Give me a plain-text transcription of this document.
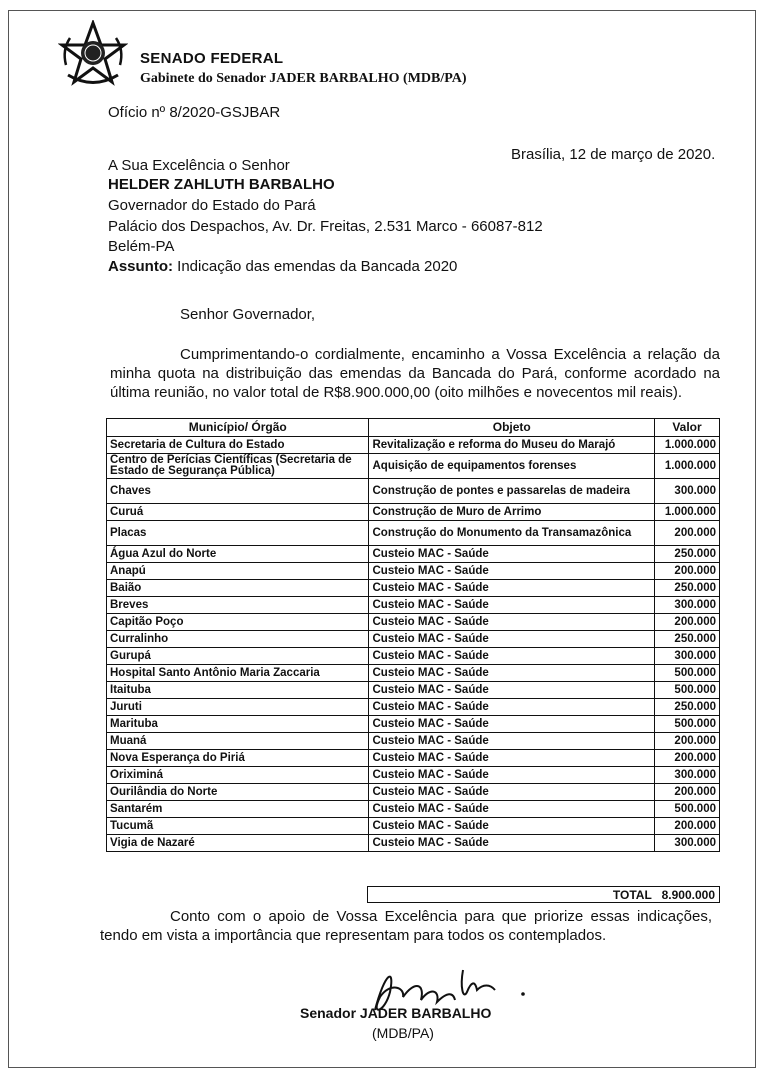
SENADO FEDERAL
Gabinete do Senador JADER BARBALHO (MDB/PA)
Ofício nº 8/2020-GSJBAR
Brasília, 12 de março de 2020.
A Sua Excelência o Senhor
HELDER ZAHLUTH BARBALHO
Governador do Estado do Pará
Palácio dos Despachos, Av. Dr. Freitas, 2.531 Marco - 66087-812
Belém-PA
Assunto: Indicação das emendas da Bancada 2020
Senhor Governador,
Cumprimentando-o cordialmente, encaminho a Vossa Excelência a relação da minha quota na distribuição das emendas da Bancada do Pará, conforme acordado na última reunião, no valor total de R$8.900.000,00 (oito milhões e novecentos mil reais).
Município/ Órgão	Objeto	Valor
Secretaria de Cultura do Estado	Revitalização e reforma do Museu do Marajó	1.000.000
Centro de Perícias Científicas (Secretaria de Estado de Segurança Pública)	Aquisição de equipamentos forenses	1.000.000
Chaves	Construção de pontes e passarelas de madeira	300.000
Curuá	Construção de Muro de Arrimo	1.000.000
Placas	Construção do Monumento da Transamazônica	200.000
Água Azul do Norte	Custeio MAC - Saúde	250.000
Anapú	Custeio MAC - Saúde	200.000
Baião	Custeio MAC - Saúde	250.000
Breves	Custeio MAC - Saúde	300.000
Capitão Poço	Custeio MAC - Saúde	200.000
Curralinho	Custeio MAC - Saúde	250.000
Gurupá	Custeio MAC - Saúde	300.000
Hospital Santo Antônio Maria Zaccaria	Custeio MAC - Saúde	500.000
Itaituba	Custeio MAC - Saúde	500.000
Juruti	Custeio MAC - Saúde	250.000
Marituba	Custeio MAC - Saúde	500.000
Muaná	Custeio MAC - Saúde	200.000
Nova Esperança do Piriá	Custeio MAC - Saúde	200.000
Oriximiná	Custeio MAC - Saúde	300.000
Ourilândia do Norte	Custeio MAC - Saúde	200.000
Santarém	Custeio MAC - Saúde	500.000
Tucumã	Custeio MAC - Saúde	200.000
Vigia de Nazaré	Custeio MAC - Saúde	300.000
TOTAL 8.900.000
Conto com o apoio de Vossa Excelência para que priorize essas indicações, tendo em vista a importância que representam para todos os contemplados.
Senador JADER BARBALHO
(MDB/PA)
